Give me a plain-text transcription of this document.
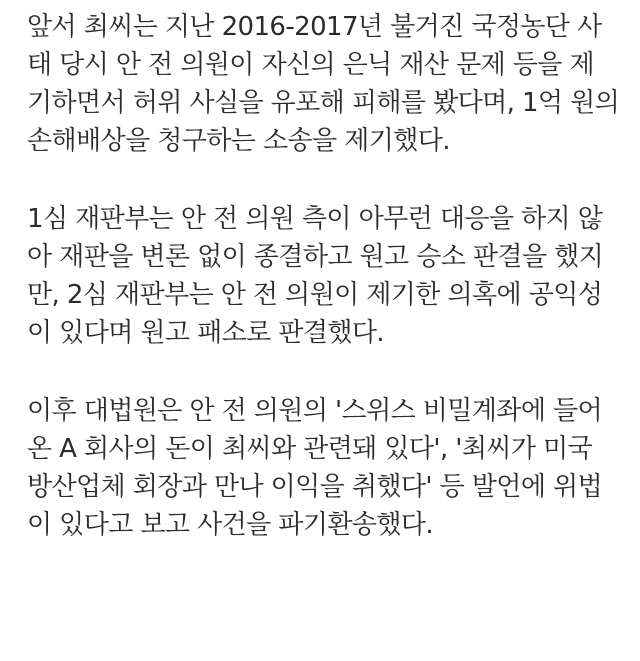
앞서 최씨는 지난 2016-2017년 불거진 국정농단 사
태 당시 안 전 의원이 자신의 은닉 재산 문제 등을 제
기하면서 허위 사실을 유포해 피해를 봤다며, 1억 원의
손해배상을 청구하는 소송을 제기했다.
1심 재판부는 안 전 의원 측이 아무런 대응을 하지 않
아 재판을 변론 없이 종결하고 원고 승소 판결을 했지
만, 2심 재판부는 안 전 의원이 제기한 의혹에 공익성
이 있다며 원고 패소로 판결했다.
이후 대법원은 안 전 의원의 '스위스 비밀계좌에 들어
온 A 회사의 돈이 최씨와 관련돼 있다', '최씨가 미국
방산업체 회장과 만나 이익을 취했다' 등 발언에 위법
이 있다고 보고 사건을 파기환송했다.
